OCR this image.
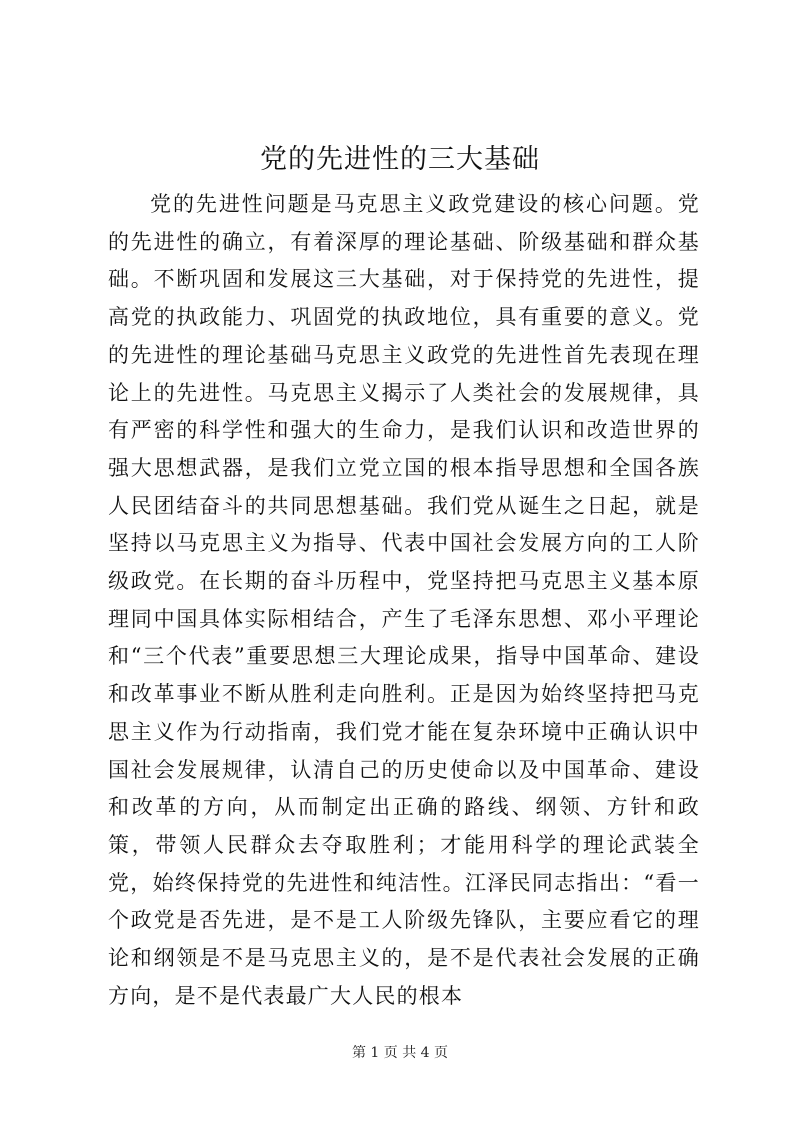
党的先进性的三大基础

党的先进性问题是马克思主义政党建设的核心问题。党的先进性的确立，有着深厚的理论基础、阶级基础和群众基础。不断巩固和发展这三大基础，对于保持党的先进性，提高党的执政能力、巩固党的执政地位，具有重要的意义。党的先进性的理论基础马克思主义政党的先进性首先表现在理论上的先进性。马克思主义揭示了人类社会的发展规律，具有严密的科学性和强大的生命力，是我们认识和改造世界的强大思想武器，是我们立党立国的根本指导思想和全国各族人民团结奋斗的共同思想基础。我们党从诞生之日起，就是坚持以马克思主义为指导、代表中国社会发展方向的工人阶级政党。在长期的奋斗历程中，党坚持把马克思主义基本原理同中国具体实际相结合，产生了毛泽东思想、邓小平理论和“三个代表”重要思想三大理论成果，指导中国革命、建设和改革事业不断从胜利走向胜利。正是因为始终坚持把马克思主义作为行动指南，我们党才能在复杂环境中正确认识中国社会发展规律，认清自己的历史使命以及中国革命、建设和改革的方向，从而制定出正确的路线、纲领、方针和政策，带领人民群众去夺取胜利；才能用科学的理论武装全党，始终保持党的先进性和纯洁性。江泽民同志指出：“看一个政党是否先进，是不是工人阶级先锋队，主要应看它的理论和纲领是不是马克思主义的，是不是代表社会发展的正确方向，是不是代表最广大人民的根本

第 1 页 共 4 页
